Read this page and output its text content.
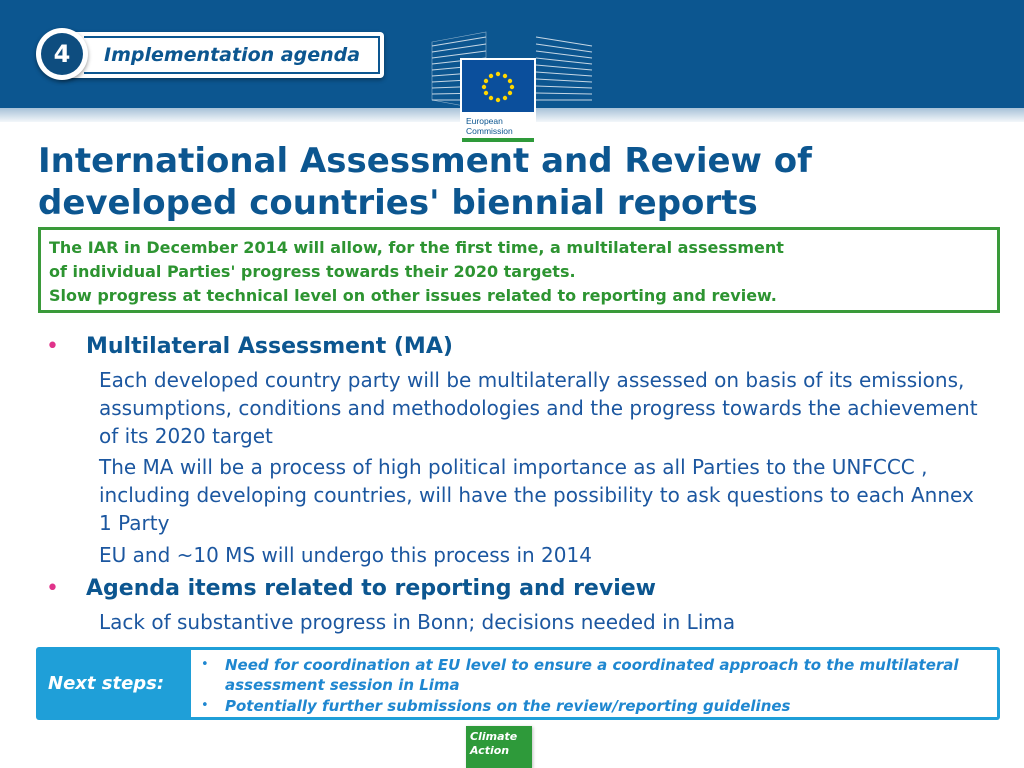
Implementation agenda
4
European
Commission
International Assessment and Review of
developed countries' biennial reports
The IAR in December 2014 will allow, for the first time, a multilateral assessment
of individual Parties' progress towards their 2020 targets.
Slow progress at technical level on other issues related to reporting and review.
•	Multilateral Assessment (MA)
Each developed country party will be multilaterally assessed on basis of its emissions, assumptions, conditions and methodologies and the progress towards the achievement of its 2020 target
The MA will be a process of high political importance as all Parties to the UNFCCC , including developing countries, will have the possibility to ask questions to each Annex 1 Party
EU and ~10 MS will undergo this process in 2014
•	Agenda items related to reporting and review
Lack of substantive progress in Bonn; decisions needed in Lima
Next steps:
• Need for coordination at EU level to ensure a coordinated approach to the multilateral assessment session in Lima
• Potentially further submissions on the review/reporting guidelines
Climate
Action
